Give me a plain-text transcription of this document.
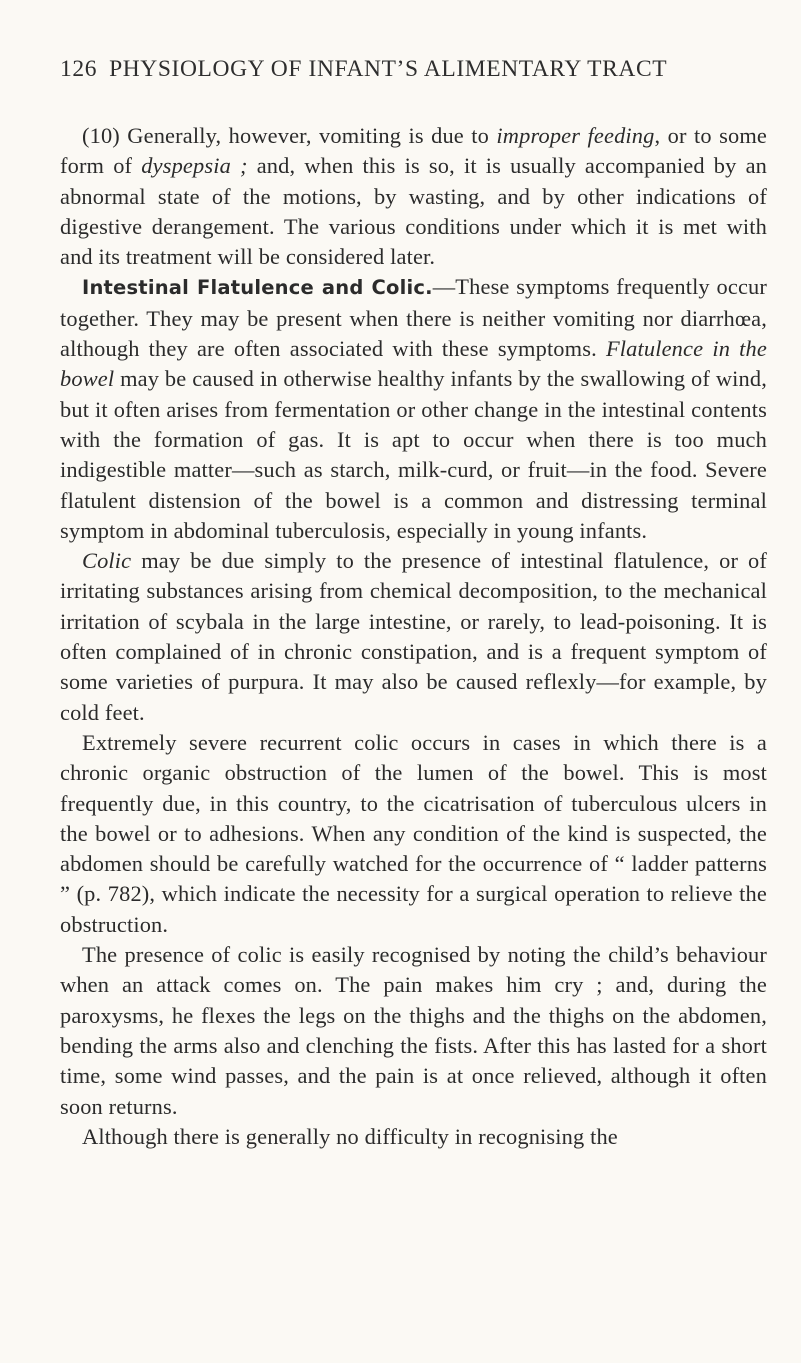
126 PHYSIOLOGY OF INFANT’S ALIMENTARY TRACT

(10) Generally, however, vomiting is due to improper feeding, or to some form of dyspepsia ; and, when this is so, it is usually accompanied by an abnormal state of the motions, by wasting, and by other indications of digestive derangement. The various conditions under which it is met with and its treatment will be considered later.

Intestinal Flatulence and Colic.—These symptoms frequently occur together. They may be present when there is neither vomiting nor diarrhœa, although they are often associated with these symptoms. Flatulence in the bowel may be caused in otherwise healthy infants by the swallowing of wind, but it often arises from fermentation or other change in the intestinal contents with the formation of gas. It is apt to occur when there is too much indigestible matter—such as starch, milk-curd, or fruit—in the food. Severe flatulent distension of the bowel is a common and distressing terminal symptom in abdominal tuberculosis, especially in young infants.

Colic may be due simply to the presence of intestinal flatulence, or of irritating substances arising from chemical decomposition, to the mechanical irritation of scybala in the large intestine, or rarely, to lead-poisoning. It is often complained of in chronic constipation, and is a frequent symptom of some varieties of purpura. It may also be caused reflexly—for example, by cold feet.

Extremely severe recurrent colic occurs in cases in which there is a chronic organic obstruction of the lumen of the bowel. This is most frequently due, in this country, to the cicatrisation of tuberculous ulcers in the bowel or to adhesions. When any condition of the kind is suspected, the abdomen should be carefully watched for the occurrence of “ ladder patterns ” (p. 782), which indicate the necessity for a surgical operation to relieve the obstruction.

The presence of colic is easily recognised by noting the child’s behaviour when an attack comes on. The pain makes him cry ; and, during the paroxysms, he flexes the legs on the thighs and the thighs on the abdomen, bending the arms also and clenching the fists. After this has lasted for a short time, some wind passes, and the pain is at once relieved, although it often soon returns.

Although there is generally no difficulty in recognising the
